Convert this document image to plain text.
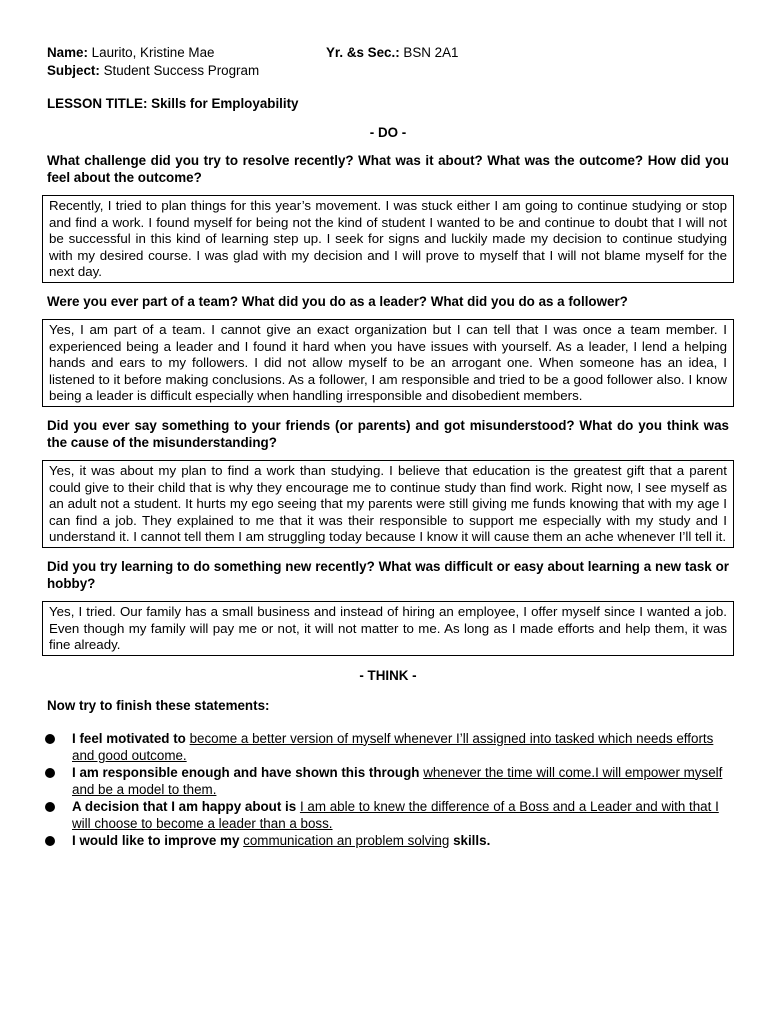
Name: Laurito, Kristine Mae	Yr. &s Sec.: BSN 2A1
Subject: Student Success Program
LESSON TITLE: Skills for Employability
- DO -
What challenge did you try to resolve recently? What was it about? What was the outcome? How did you feel about the outcome?
Recently, I tried to plan things for this year’s movement. I was stuck either I am going to continue studying or stop and find a work. I found myself for being not the kind of student I wanted to be and continue to doubt that I will not be successful in this kind of learning step up. I seek for signs and luckily made my decision to continue studying with my desired course. I was glad with my decision and I will prove to myself that I will not blame myself for the next day.
Were you ever part of a team? What did you do as a leader? What did you do as a follower?
Yes, I am part of a team. I cannot give an exact organization but I can tell that I was once a team member. I experienced being a leader and I found it hard when you have issues with yourself. As a leader, I lend a helping hands and ears to my followers. I did not allow myself to be an arrogant one. When someone has an idea, I listened to it before making conclusions. As a follower, I am responsible and tried to be a good follower also. I know being a leader is difficult especially when handling irresponsible and disobedient members.
Did you ever say something to your friends (or parents) and got misunderstood? What do you think was the cause of the misunderstanding?
Yes, it was about my plan to find a work than studying. I believe that education is the greatest gift that a parent could give to their child that is why they encourage me to continue study than find work. Right now, I see myself as an adult not a student. It hurts my ego seeing that my parents were still giving me funds knowing that with my age I can find a job. They explained to me that it was their responsible to support me especially with my study and I understand it. I cannot tell them I am struggling today because I know it will cause them an ache whenever I’ll tell it.
Did you try learning to do something new recently? What was difficult or easy about learning a new task or hobby?
Yes, I tried. Our family has a small business and instead of hiring an employee, I offer myself since I wanted a job. Even though my family will pay me or not, it will not matter to me. As long as I made efforts and help them, it was fine already.
- THINK -
Now try to finish these statements:
I feel motivated to become a better version of myself whenever I’ll assigned into tasked which needs efforts and good outcome.
I am responsible enough and have shown this through whenever the time will come.I will empower myself and be a model to them.
A decision that I am happy about is I am able to knew the difference of a Boss and a Leader and with that I will choose to become a leader than a boss.
I would like to improve my communication an problem solving skills.
